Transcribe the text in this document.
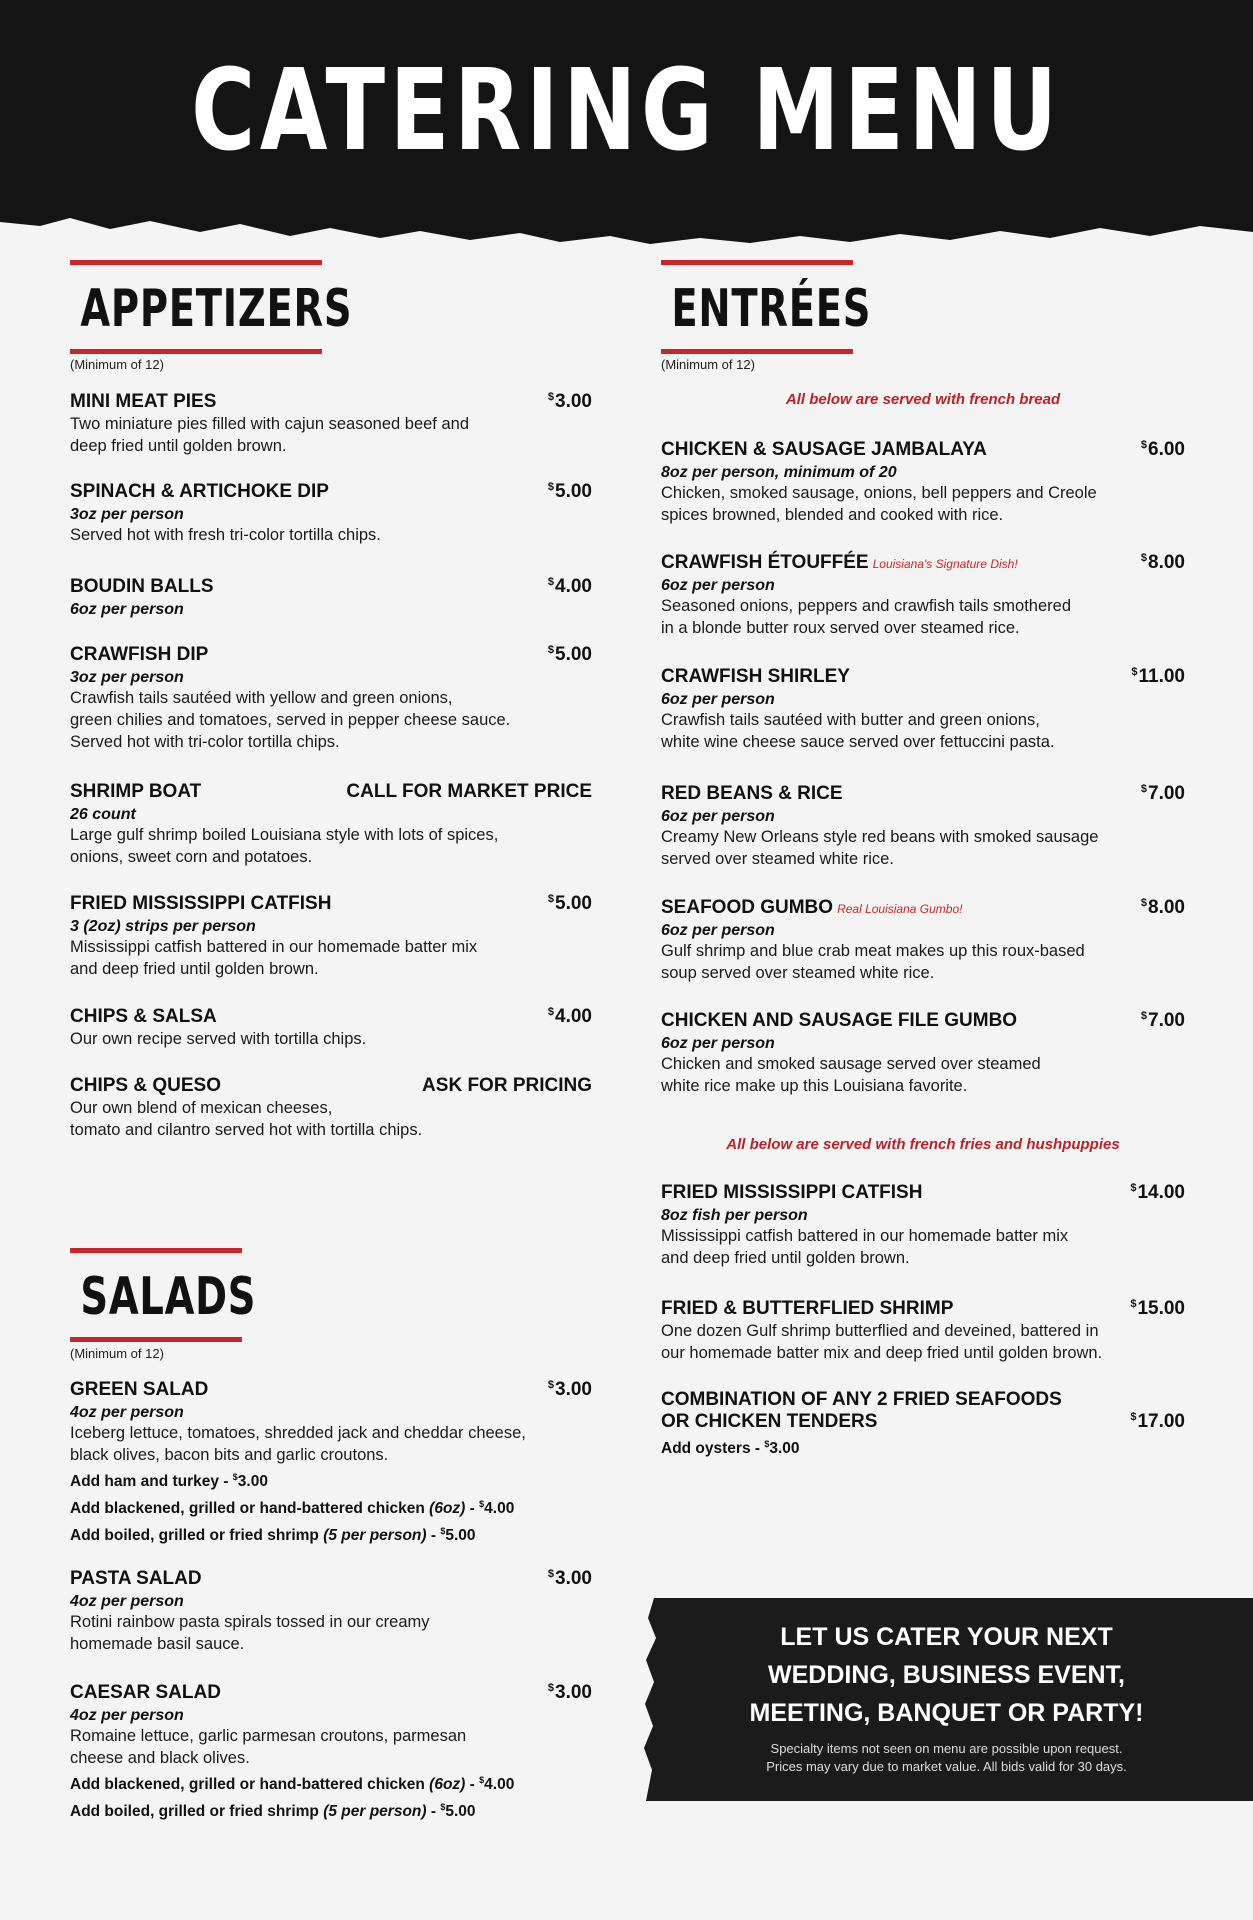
CATERING MENU
APPETIZERS
(Minimum of 12)
MINI MEAT PIES	$3.00
Two miniature pies filled with cajun seasoned beef and
deep fried until golden brown.
SPINACH & ARTICHOKE DIP	$5.00
3oz per person
Served hot with fresh tri-color tortilla chips.
BOUDIN BALLS	$4.00
6oz per person
CRAWFISH DIP	$5.00
3oz per person
Crawfish tails sautéed with yellow and green onions,
green chilies and tomatoes, served in pepper cheese sauce.
Served hot with tri-color tortilla chips.
SHRIMP BOAT	CALL FOR MARKET PRICE
26 count
Large gulf shrimp boiled Louisiana style with lots of spices,
onions, sweet corn and potatoes.
FRIED MISSISSIPPI CATFISH	$5.00
3 (2oz) strips per person
Mississippi catfish battered in our homemade batter mix
and deep fried until golden brown.
CHIPS & SALSA	$4.00
Our own recipe served with tortilla chips.
CHIPS & QUESO	ASK FOR PRICING
Our own blend of mexican cheeses,
tomato and cilantro served hot with tortilla chips.
SALADS
(Minimum of 12)
GREEN SALAD	$3.00
4oz per person
Iceberg lettuce, tomatoes, shredded jack and cheddar cheese,
black olives, bacon bits and garlic croutons.
Add ham and turkey - $3.00
Add blackened, grilled or hand-battered chicken (6oz) - $4.00
Add boiled, grilled or fried shrimp (5 per person) - $5.00
PASTA SALAD	$3.00
4oz per person
Rotini rainbow pasta spirals tossed in our creamy
homemade basil sauce.
CAESAR SALAD	$3.00
4oz per person
Romaine lettuce, garlic parmesan croutons, parmesan
cheese and black olives.
Add blackened, grilled or hand-battered chicken (6oz) - $4.00
Add boiled, grilled or fried shrimp (5 per person) - $5.00
ENTRÉES
(Minimum of 12)
All below are served with french bread
All below are served with french fries and hushpuppies
CHICKEN & SAUSAGE JAMBALAYA	$6.00
8oz per person, minimum of 20
Chicken, smoked sausage, onions, bell peppers and Creole
spices browned, blended and cooked with rice.
CRAWFISH ÉTOUFFÉE Louisiana's Signature Dish!	$8.00
6oz per person
Seasoned onions, peppers and crawfish tails smothered
in a blonde butter roux served over steamed rice.
CRAWFISH SHIRLEY	$11.00
6oz per person
Crawfish tails sautéed with butter and green onions,
white wine cheese sauce served over fettuccini pasta.
RED BEANS & RICE	$7.00
6oz per person
Creamy New Orleans style red beans with smoked sausage
served over steamed white rice.
SEAFOOD GUMBO Real Louisiana Gumbo!	$8.00
6oz per person
Gulf shrimp and blue crab meat makes up this roux-based
soup served over steamed white rice.
CHICKEN AND SAUSAGE FILE GUMBO	$7.00
6oz per person
Chicken and smoked sausage served over steamed
white rice make up this Louisiana favorite.
FRIED MISSISSIPPI CATFISH	$14.00
8oz fish per person
Mississippi catfish battered in our homemade batter mix
and deep fried until golden brown.
FRIED & BUTTERFLIED SHRIMP	$15.00
One dozen Gulf shrimp butterflied and deveined, battered in
our homemade batter mix and deep fried until golden brown.
COMBINATION OF ANY 2 FRIED SEAFOODS
OR CHICKEN TENDERS	$17.00
Add oysters - $3.00
LET US CATER YOUR NEXT
WEDDING, BUSINESS EVENT,
MEETING, BANQUET OR PARTY!
Specialty items not seen on menu are possible upon request.
Prices may vary due to market value. All bids valid for 30 days.
